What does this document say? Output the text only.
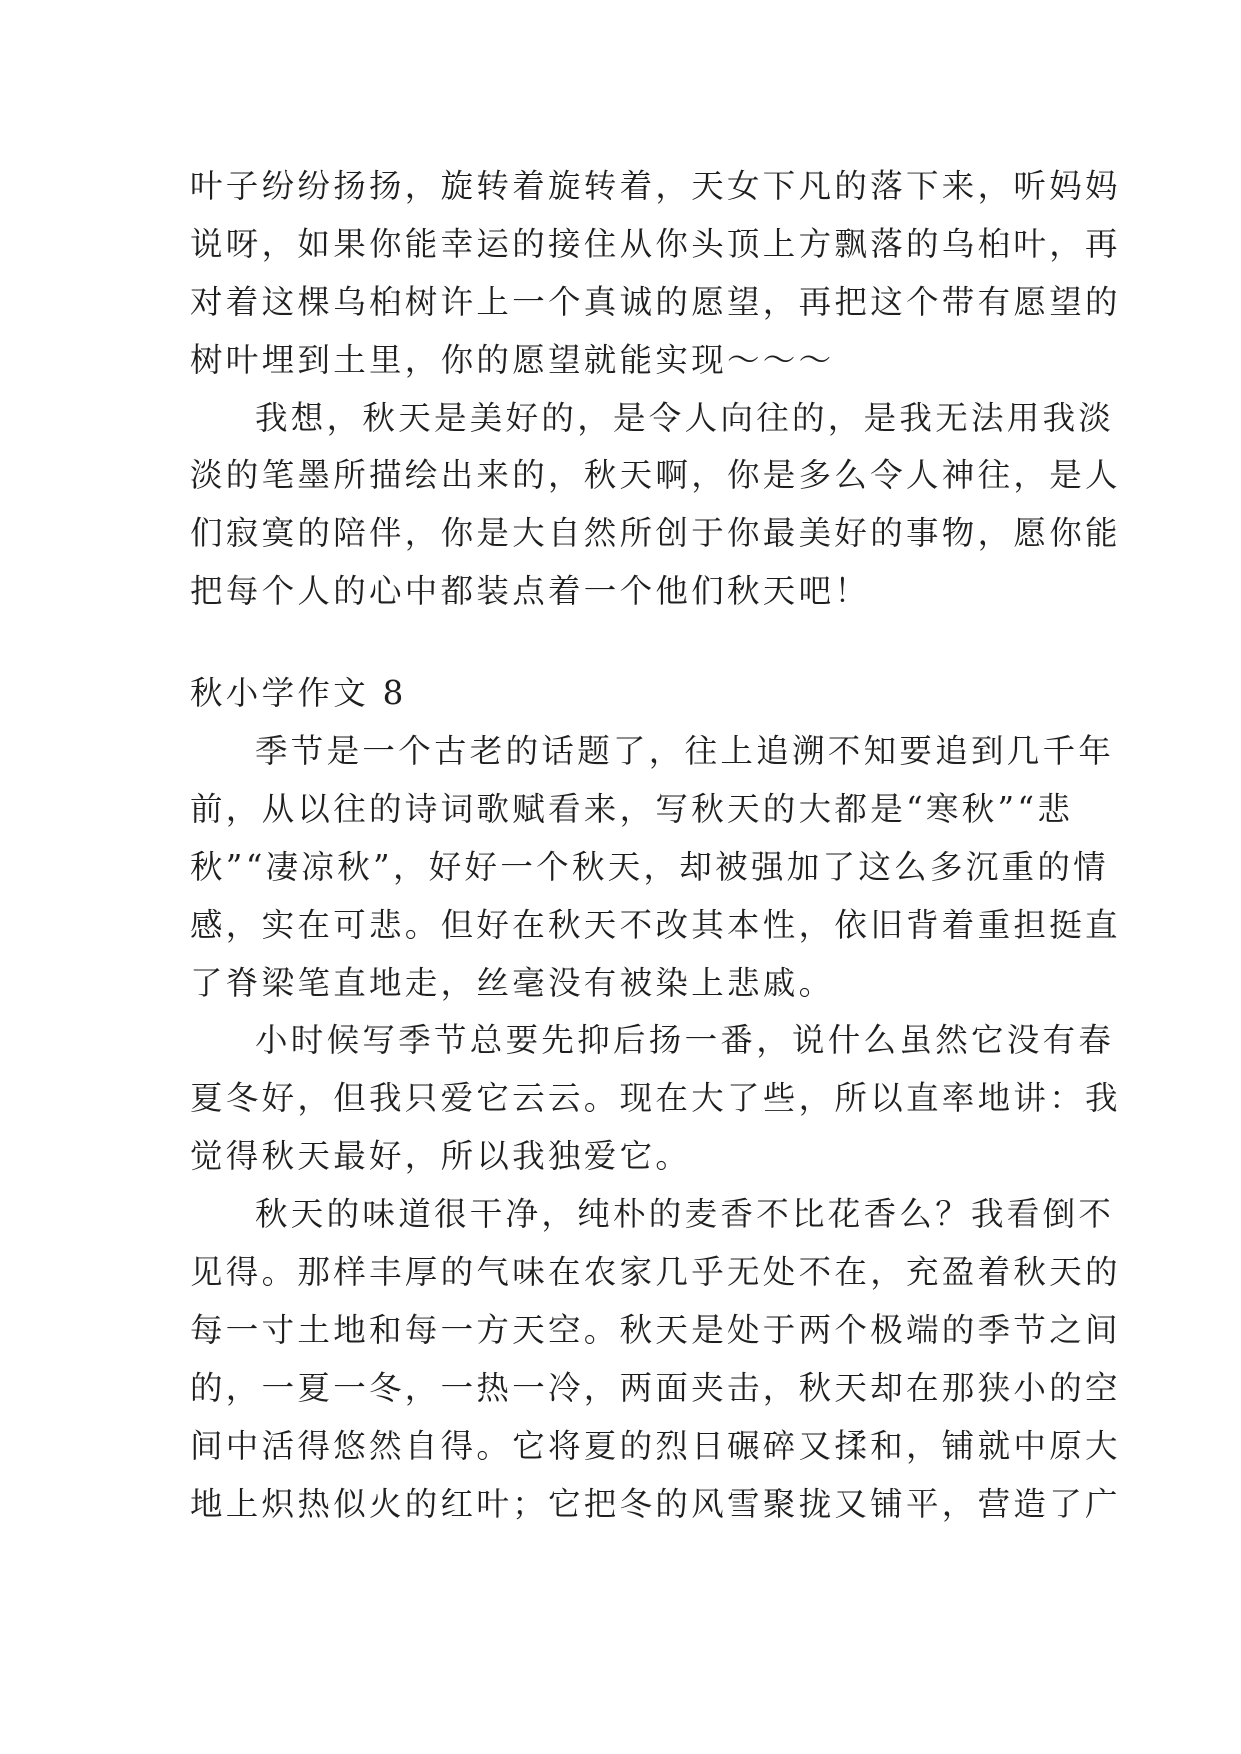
叶子纷纷扬扬，旋转着旋转着，天女下凡的落下来，听妈妈
说呀，如果你能幸运的接住从你头顶上方飘落的乌桕叶，再
对着这棵乌桕树许上一个真诚的愿望，再把这个带有愿望的
树叶埋到土里，你的愿望就能实现～～～
我想，秋天是美好的，是令人向往的，是我无法用我淡
淡的笔墨所描绘出来的，秋天啊，你是多么令人神往，是人
们寂寞的陪伴，你是大自然所创于你最美好的事物，愿你能
把每个人的心中都装点着一个他们秋天吧！
秋小学作文 8
季节是一个古老的话题了，往上追溯不知要追到几千年
前，从以往的诗词歌赋看来，写秋天的大都是“寒秋”“悲
秋”“凄凉秋”，好好一个秋天，却被强加了这么多沉重的情
感，实在可悲。但好在秋天不改其本性，依旧背着重担挺直
了脊梁笔直地走，丝毫没有被染上悲戚。
小时候写季节总要先抑后扬一番，说什么虽然它没有春
夏冬好，但我只爱它云云。现在大了些，所以直率地讲：我
觉得秋天最好，所以我独爱它。
秋天的味道很干净，纯朴的麦香不比花香么？我看倒不
见得。那样丰厚的气味在农家几乎无处不在，充盈着秋天的
每一寸土地和每一方天空。秋天是处于两个极端的季节之间
的，一夏一冬，一热一冷，两面夹击，秋天却在那狭小的空
间中活得悠然自得。它将夏的烈日碾碎又揉和，铺就中原大
地上炽热似火的红叶；它把冬的风雪聚拢又铺平，营造了广
